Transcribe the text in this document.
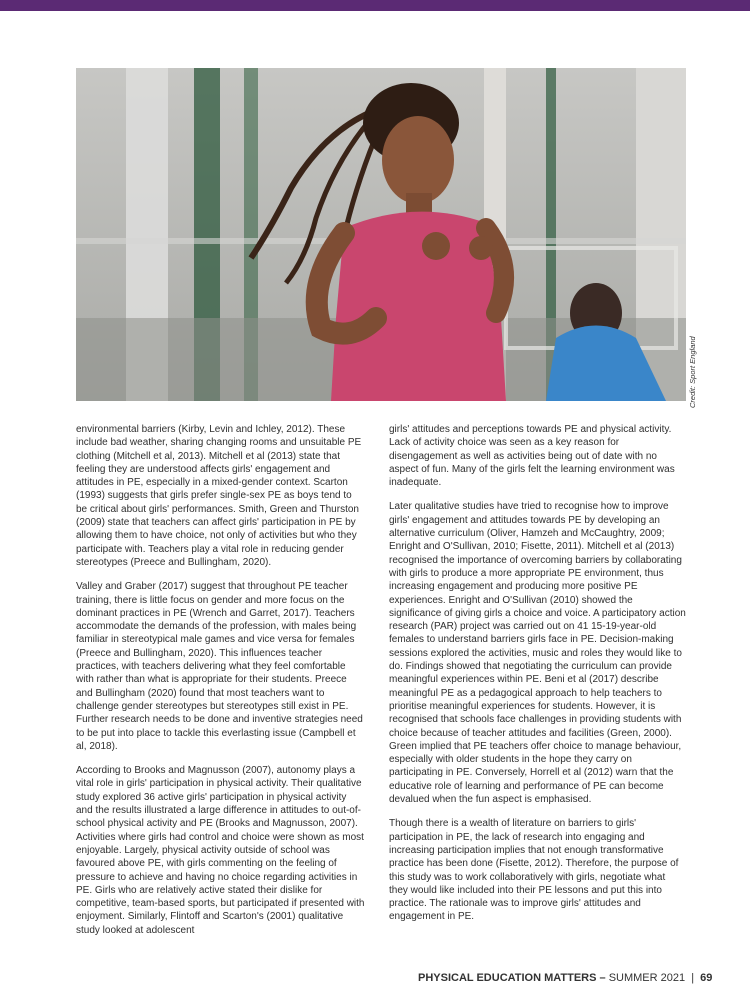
Credit: Sport England

environmental barriers (Kirby, Levin and Ichley, 2012). These include bad weather, sharing changing rooms and unsuitable PE clothing (Mitchell et al, 2013). Mitchell et al (2013) state that feeling they are understood affects girls' engagement and attitudes in PE, especially in a mixed-gender context. Scarton (1993) suggests that girls prefer single-sex PE as boys tend to be critical about girls' performances. Smith, Green and Thurston (2009) state that teachers can affect girls' participation in PE by allowing them to have choice, not only of activities but who they participate with. Teachers play a vital role in reducing gender stereotypes (Preece and Bullingham, 2020).

Valley and Graber (2017) suggest that throughout PE teacher training, there is little focus on gender and more focus on the dominant practices in PE (Wrench and Garret, 2017). Teachers accommodate the demands of the profession, with males being familiar in stereotypical male games and vice versa for females (Preece and Bullingham, 2020). This influences teacher practices, with teachers delivering what they feel comfortable with rather than what is appropriate for their students. Preece and Bullingham (2020) found that most teachers want to challenge gender stereotypes but stereotypes still exist in PE. Further research needs to be done and inventive strategies need to be put into place to tackle this everlasting issue (Campbell et al, 2018).

According to Brooks and Magnusson (2007), autonomy plays a vital role in girls' participation in physical activity. Their qualitative study explored 36 active girls' participation in physical activity and the results illustrated a large difference in attitudes to out-of-school physical activity and PE (Brooks and Magnusson, 2007). Activities where girls had control and choice were shown as most enjoyable. Largely, physical activity outside of school was favoured above PE, with girls commenting on the feeling of pressure to achieve and having no choice regarding activities in PE. Girls who are relatively active stated their dislike for competitive, team-based sports, but participated if presented with enjoyment. Similarly, Flintoff and Scarton's (2001) qualitative study looked at adolescent

girls' attitudes and perceptions towards PE and physical activity. Lack of activity choice was seen as a key reason for disengagement as well as activities being out of date with no aspect of fun. Many of the girls felt the learning environment was inadequate.

Later qualitative studies have tried to recognise how to improve girls' engagement and attitudes towards PE by developing an alternative curriculum (Oliver, Hamzeh and McCaughtry, 2009; Enright and O'Sullivan, 2010; Fisette, 2011). Mitchell et al (2013) recognised the importance of overcoming barriers by collaborating with girls to produce a more appropriate PE environment, thus increasing engagement and producing more positive PE experiences. Enright and O'Sullivan (2010) showed the significance of giving girls a choice and voice. A participatory action research (PAR) project was carried out on 41 15-19-year-old females to understand barriers girls face in PE. Decision-making sessions explored the activities, music and roles they would like to do. Findings showed that negotiating the curriculum can provide meaningful experiences within PE. Beni et al (2017) describe meaningful PE as a pedagogical approach to help teachers to prioritise meaningful experiences for students. However, it is recognised that schools face challenges in providing students with choice because of teacher attitudes and facilities (Green, 2000). Green implied that PE teachers offer choice to manage behaviour, especially with older students in the hope they carry on participating in PE. Conversely, Horrell et al (2012) warn that the educative role of learning and performance of PE can become devalued when the fun aspect is emphasised.

Though there is a wealth of literature on barriers to girls' participation in PE, the lack of research into engaging and increasing participation implies that not enough transformative practice has been done (Fisette, 2012). Therefore, the purpose of this study was to work collaboratively with girls, negotiate what they would like included into their PE lessons and put this into practice. The rationale was to improve girls' attitudes and engagement in PE.

PHYSICAL EDUCATION MATTERS – SUMMER 2021 | 69
